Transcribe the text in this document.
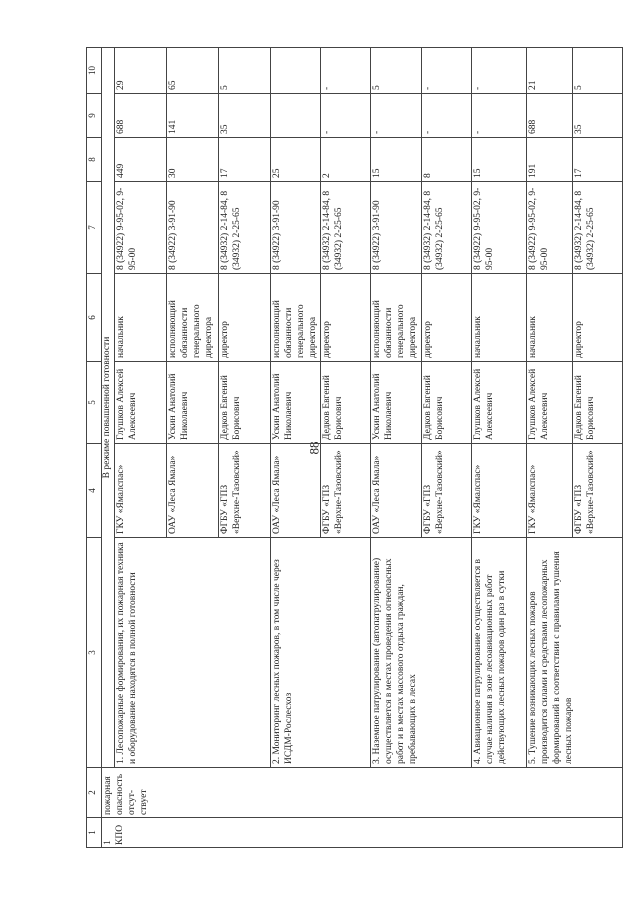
88
1	2	3	4	5	6	7	8	9	10
1 КПО	пожарная опасность отсут-ствует	В режиме повышенной готовности							
		1. Лесопожарные формирования, их пожарная техника и оборудование находятся в полной готовности	ГКУ «Ямалспас»	Глушков Алексей Алексеевич	начальник	8 (34922) 9-95-02, 9-95-00	449	688	29
			ОАУ «Леса Ямала»	Ускин Анатолий Николаевич	исполняющий обязанности генерального директора	8 (34922) 3-91-90	30	141	65
			ФГБУ «ГПЗ «Верхне-Тазовский»	Дедков Евгений Борисович	директор	8 (34932) 2-14-84, 8 (34932) 2-25-65	17	35	5
		2. Мониторинг лесных пожаров, в том числе через ИСДМ-Рослесхоз	ОАУ «Леса Ямала»	Ускин Анатолий Николаевич	исполняющий обязанности генерального директора	8 (34922) 3-91-90	25		
			ФГБУ «ГПЗ «Верхне-Тазовский»	Дедков Евгений Борисович	директор	8 (34932) 2-14-84, 8 (34932) 2-25-65	2	-	-
		3. Наземное патрулирование (автопатрулирование) осуществляется в местах проведения огнеопасных работ и в местах массового отдыха граждан, пребывающих в лесах	ОАУ «Леса Ямала»	Ускин Анатолий Николаевич	исполняющий обязанности генерального директора	8 (34922) 3-91-90	15	-	5
			ФГБУ «ГПЗ «Верхне-Тазовский»	Дедков Евгений Борисович	директор	8 (34932) 2-14-84, 8 (34932) 2-25-65	8	-	-
		4. Авиационное патрулирование осуществляется в случае наличия в зоне лесоавиационных работ действующих лесных пожаров один раз в сутки	ГКУ «Ямалспас»	Глушков Алексей Алексеевич	начальник	8 (34922) 9-95-02, 9-95-00	15	-	-
		5. Тушение возникающих лесных пожаров производится силами и средствами лесопожарных формирований в соответствии с правилами тушения лесных пожаров	ГКУ «Ямалспас»	Глушков Алексей Алексеевич	начальник	8 (34922) 9-95-02, 9-95-00	191	688	21
			ФГБУ «ГПЗ «Верхне-Тазовский»	Дедков Евгений Борисович	директор	8 (34932) 2-14-84, 8 (34932) 2-25-65	17	35	5
